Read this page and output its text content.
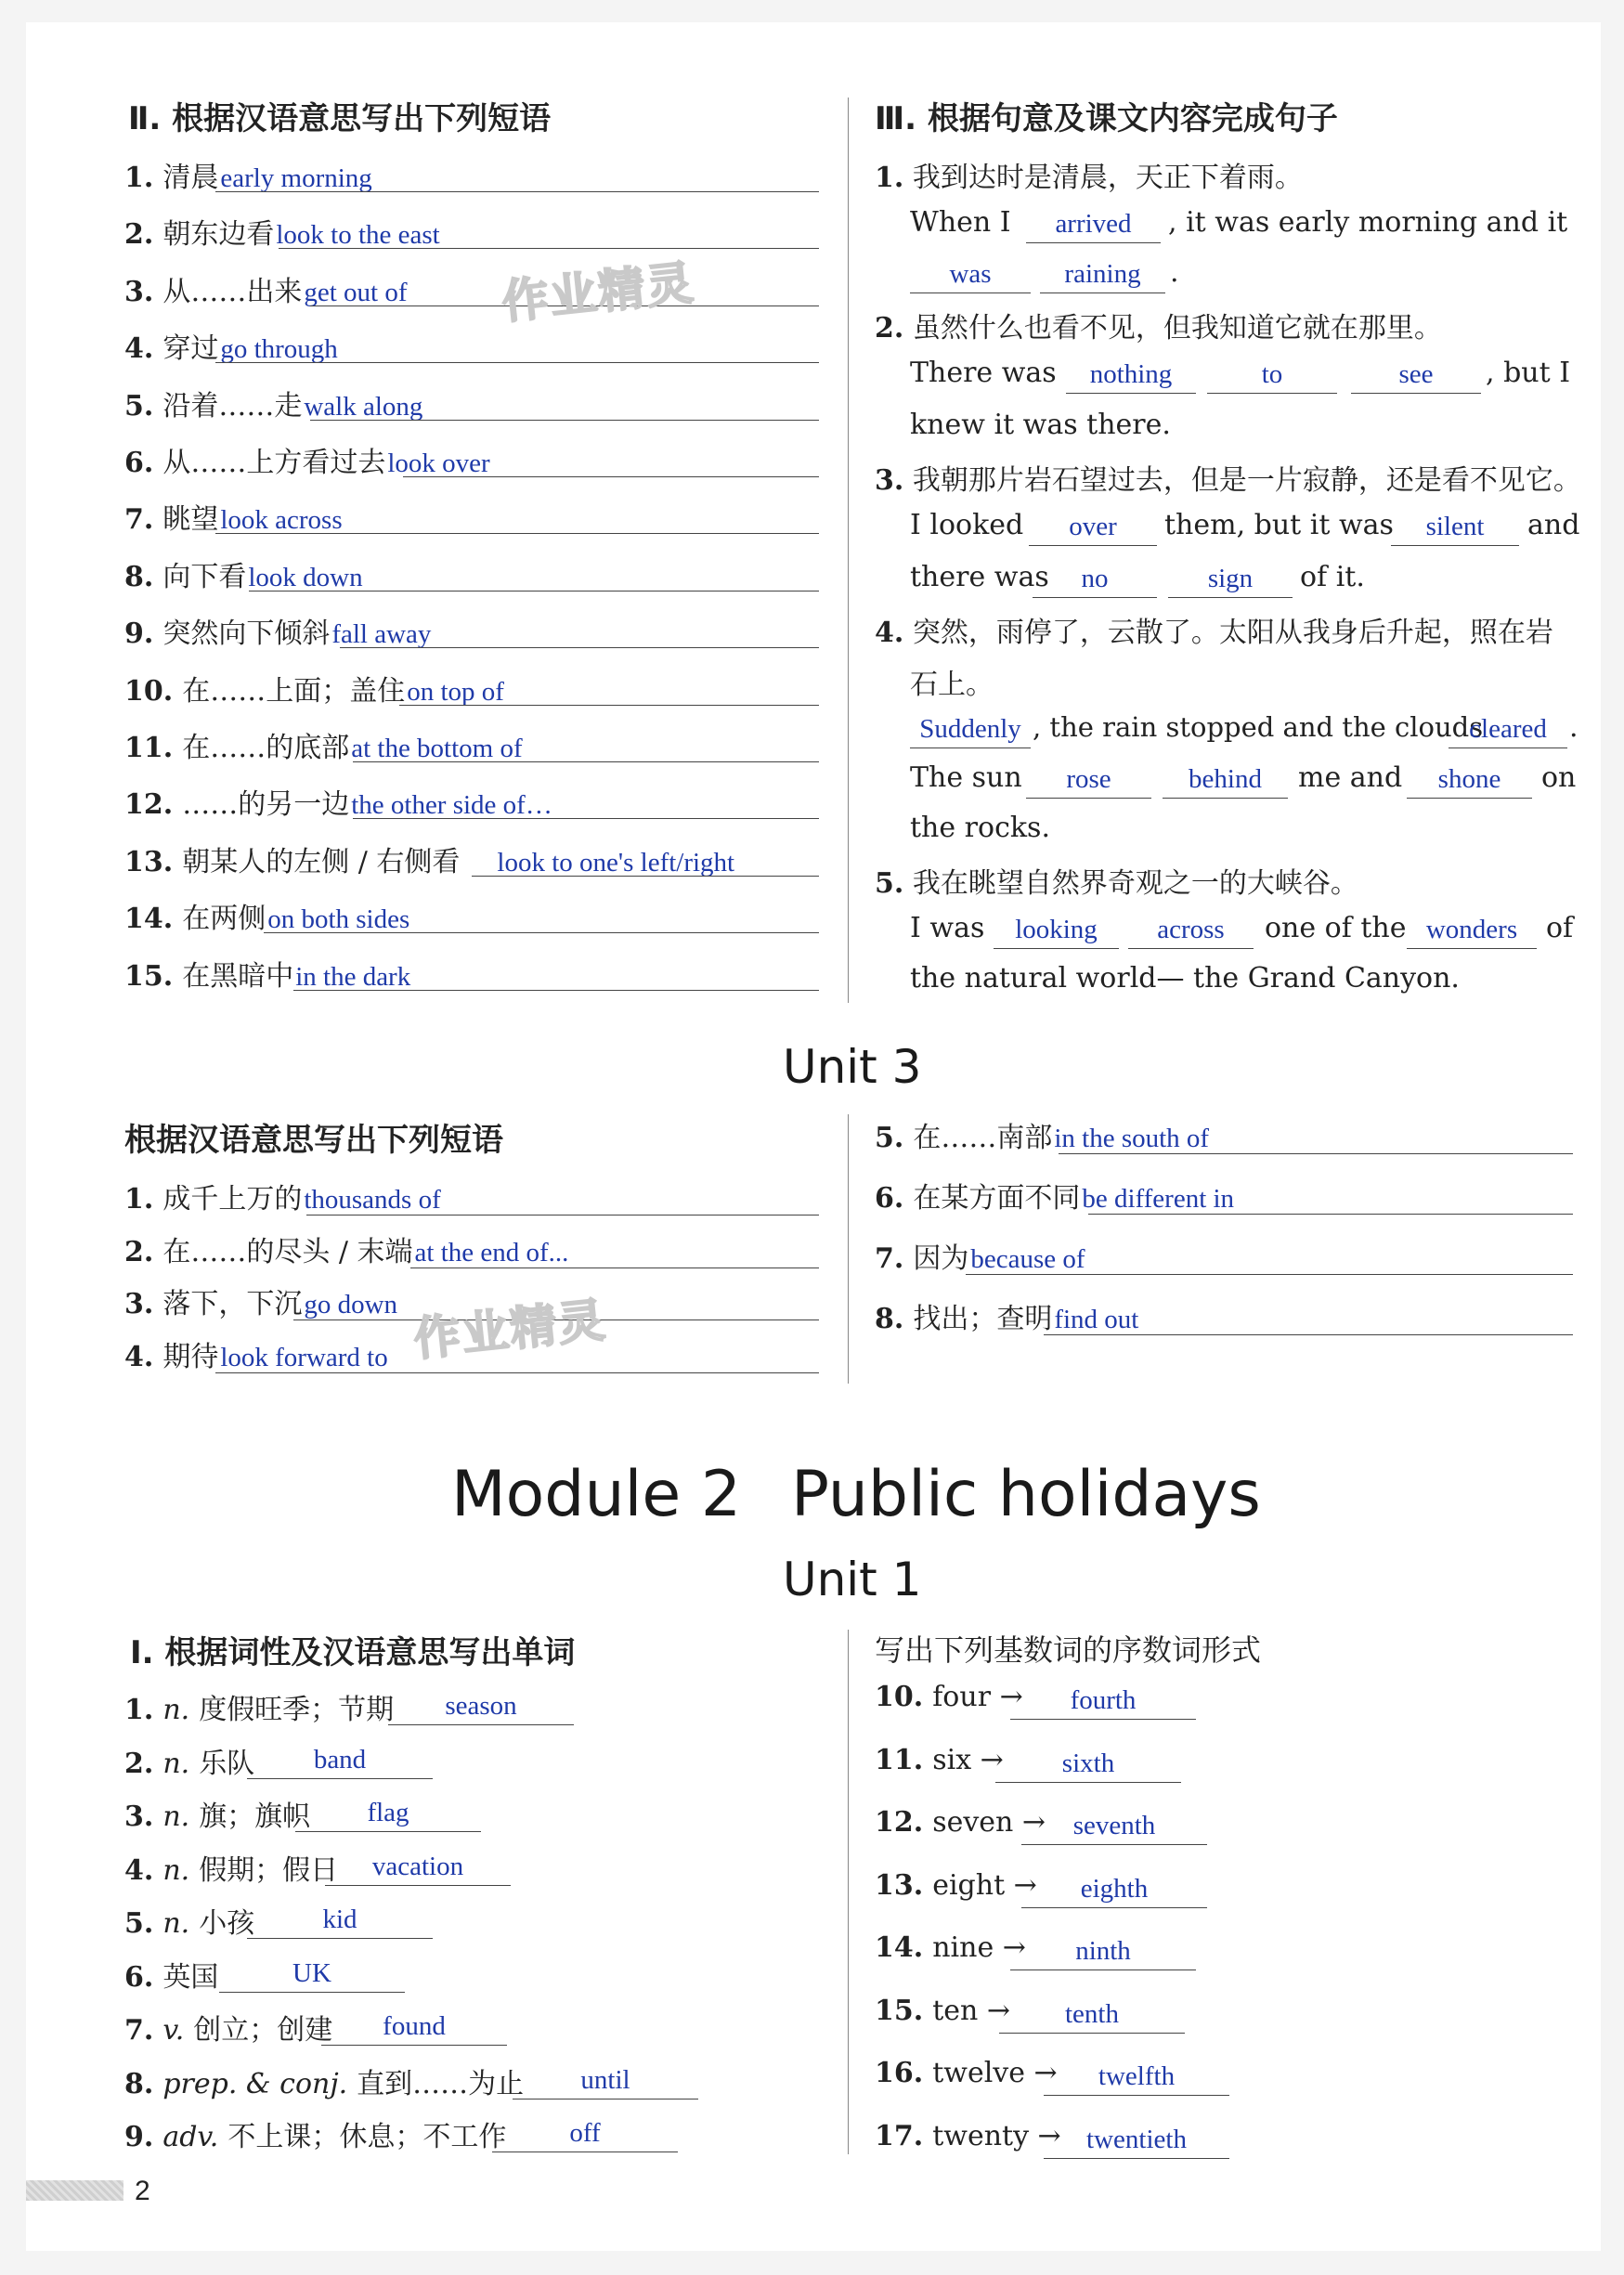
Ⅱ. 根据汉语意思写出下列短语
1. 清晨 early morning
2. 朝东边看 look to the east
3. 从……出来 get out of
4. 穿过 go through
5. 沿着……走 walk along
6. 从……上方看过去 look over
7. 眺望 look across
8. 向下看 look down
9. 突然向下倾斜 fall away
10. 在……上面；盖住 on top of
11. 在……的底部 at the bottom of
12. ……的另一边 the other side of…
13. 朝某人的左侧 / 右侧看 look to one's left/right
14. 在两侧 on both sides
15. 在黑暗中 in the dark
Ⅲ. 根据句意及课文内容完成句子
1. 我到达时是清晨，天正下着雨。
When I	arrived	, it was early morning and it
was	raining	.
2. 虽然什么也看不见，但我知道它就在那里。
There was	nothing	to	see	, but I
knew it was there.
3. 我朝那片岩石望过去，但是一片寂静，还是看不见它。
I looked	over	them, but it was	silent	and
there was	no	sign	of it.
4. 突然，雨停了，云散了。太阳从我身后升起，照在岩
石上。
Suddenly , the rain stopped and the clouds
cleared .
The sun	rose	behind	me and	shone	on
the rocks.
5. 我在眺望自然界奇观之一的大峡谷。
I was	looking	across	one of the wonders	of
the natural world— the Grand Canyon.
作业精灵
Unit 3
根据汉语意思写出下列短语
1. 成千上万的 thousands of
2. 在……的尽头 / 末端 at the end of...
3. 落下，下沉 go down
4. 期待 look forward to
5. 在……南部 in the south of
6. 在某方面不同 be different in
7. 因为 because of
8. 找出；查明 find out
作业精灵
Module 2 Public holidays
Unit 1
Ⅰ. 根据词性及汉语意思写出单词	写出下列基数词的序数词形式
1. n. 度假旺季；节期	season
2. n. 乐队	band
3. n. 旗；旗帜	flag
4. n. 假期；假日	vacation
5. n. 小孩	kid
6. 英国	UK
7. v. 创立；创建	found
8. prep. & conj. 直到……为止	until
9. adv. 不上课；休息；不工作	off
10. four →	fourth
11. six →	sixth
12. seven →	seventh
13. eight →	eighth
14. nine →	ninth
15. ten →	tenth
16. twelve →	twelfth
17. twenty → twentieth
2
